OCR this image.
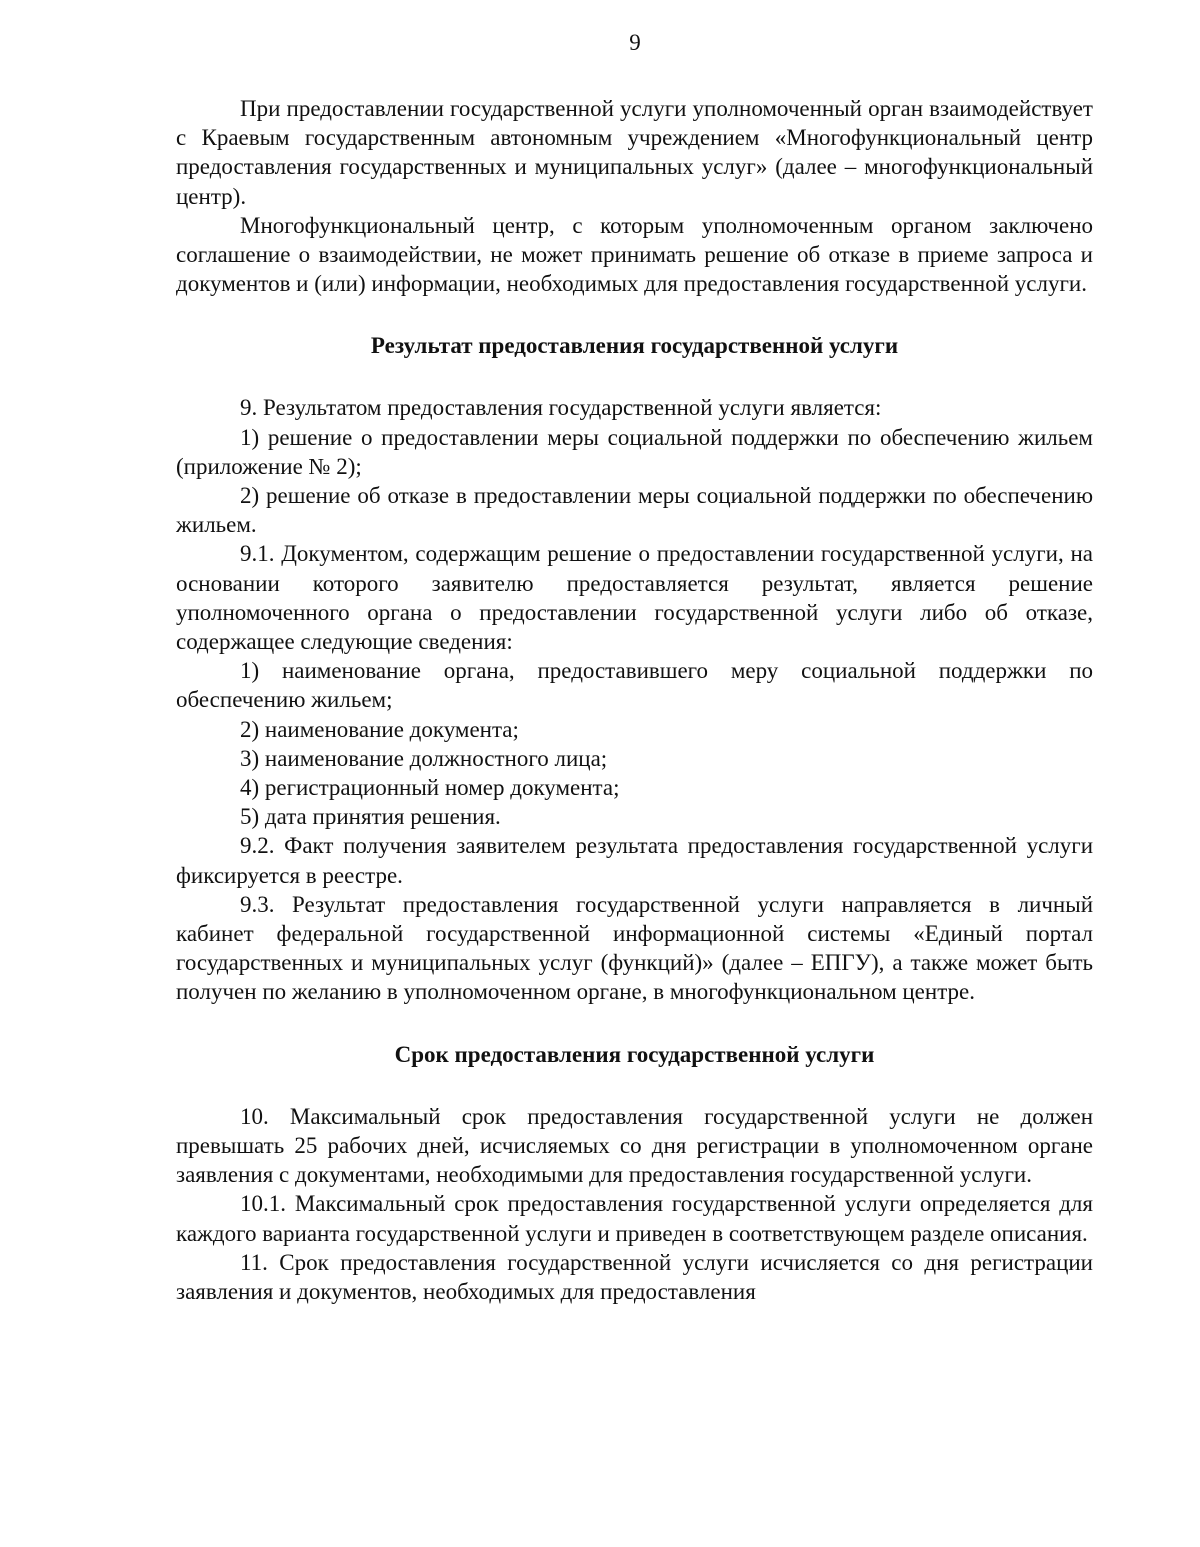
9

При предоставлении государственной услуги уполномоченный орган взаимодействует с Краевым государственным автономным учреждением «Многофункциональный центр предоставления государственных и муниципальных услуг» (далее – многофункциональный центр).

Многофункциональный центр, с которым уполномоченным органом заключено соглашение о взаимодействии, не может принимать решение об отказе в приеме запроса и документов и (или) информации, необходимых для предоставления государственной услуги.

Результат предоставления государственной услуги

9. Результатом предоставления государственной услуги является:

1) решение о предоставлении меры социальной поддержки по обеспечению жильем (приложение № 2);

2) решение об отказе в предоставлении меры социальной поддержки по обеспечению жильем.

9.1. Документом, содержащим решение о предоставлении государственной услуги, на основании которого заявителю предоставляется результат, является решение уполномоченного органа о предоставлении государственной услуги либо об отказе, содержащее следующие сведения:

1) наименование органа, предоставившего меру социальной поддержки по обеспечению жильем;

2) наименование документа;

3) наименование должностного лица;

4) регистрационный номер документа;

5) дата принятия решения.

9.2. Факт получения заявителем результата предоставления государственной услуги фиксируется в реестре.

9.3. Результат предоставления государственной услуги направляется в личный кабинет федеральной государственной информационной системы «Единый портал государственных и муниципальных услуг (функций)» (далее – ЕПГУ), а также может быть получен по желанию в уполномоченном органе, в многофункциональном центре.

Срок предоставления государственной услуги

10. Максимальный срок предоставления государственной услуги не должен превышать 25 рабочих дней, исчисляемых со дня регистрации в уполномоченном органе заявления с документами, необходимыми для предоставления государственной услуги.

10.1. Максимальный срок предоставления государственной услуги определяется для каждого варианта государственной услуги и приведен в соответствующем разделе описания.

11. Срок предоставления государственной услуги исчисляется со дня регистрации заявления и документов, необходимых для предоставления
